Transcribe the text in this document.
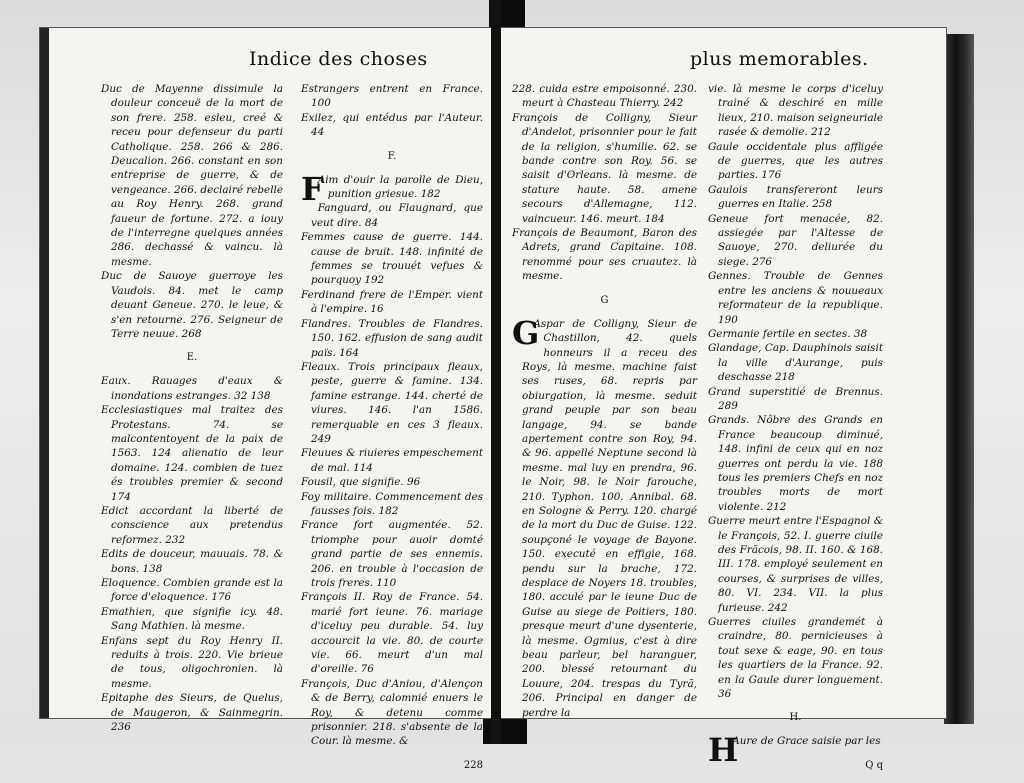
Indice des choses

Duc de Mayenne dissimule la douleur conceuë de la mort de son frere. 258. esleu, creé & receu pour defenseur du parti Catholique. 258. 266 & 286. Deucalion. 266. constant en son entreprise de guerre, & de vengeance. 266. declairé rebelle au Roy Henry. 268. grand faueur de fortune. 272. a iouy de l'interregne quelques années 286. dechassé & vaincu. là mesme.

Duc de Sauoye guerroye les Vaudois. 84. met le camp deuant Geneue. 270. le leue, & s'en retourne. 276. Seigneur de Terre neuue. 268

E.

Eaux. Rauages d'eaux & inondations estranges. 32 138

Ecclesiastiques mal traitez des Protestans. 74. se malcontentoyent de la paix de 1563. 124 alienatio de leur domaine. 124. combien de tuez és troubles premier & second 174

Edict accordant la liberté de conscience aux pretendus reformez. 232

Edits de douceur, mauuais. 78. & bons. 138

Eloquence. Combien grande est la force d'eloquence. 176

Emathien, que signifie icy. 48. Sang Mathien. là mesme.

Enfans sept du Roy Henry II. reduits à trois. 220. Vie brieue de tous, oligochronien. là mesme.

Epitaphe des Sieurs, de Quelus, de Maugeron, & Sainmegrin. 236

Estrangers entrent en France. 100

Exilez, qui entédus par l'Auteur. 44

F.

F

Aim d'ouir la parolle de Dieu, punition griesue. 182

Fanguard, ou Flaugnard, que veut dire. 84

Femmes cause de guerre. 144. cause de bruit. 148. infinité de femmes se trouuét vefues & pourquoy 192

Ferdinand frere de l'Emper. vient à l'empire. 16

Flandres. Troubles de Flandres. 150. 162. effusion de sang audit païs. 164

Fleaux. Trois principaux fleaux, peste, guerre & famine. 134. famine estrange. 144. cherté de viures. 146. l'an 1586. remerquable en ces 3 fleaux. 249

Fleuues & riuieres empeschement de mal. 114

Fousil, que signifie. 96

Foy militaire. Commencement des fausses fois. 182

France fort augmentée. 52. triomphe pour auoir domté grand partie de ses ennemis. 206. en trouble à l'occasion de trois freres. 110

François II. Roy de France. 54. marié fort ieune. 76. mariage d'iceluy peu durable. 54. luy accourcit la vie. 80. de courte vie. 66. meurt d'un mal d'oreille. 76

François, Duc d'Aniou, d'Alençon & de Berry, calomnié enuers le Roy, & detenu comme prisonnier. 218. s'absente de la Cour. là mesme. &

228

plus memorables.

228. cuida estre empoisonné. 230. meurt à Chasteau Thierry. 242

François de Colligny, Sieur d'Andelot, prisonnier pour le fait de la religion, s'humilie. 62. se bande contre son Roy. 56. se saisit d'Orleans. là mesme. de stature haute. 58. amene secours d'Allemagne, 112. vaincueur. 146. meurt. 184

François de Beaumont, Baron des Adrets, grand Capitaine. 108. renommé pour ses cruautez. là mesme.

G

G

Aspar de Colligny, Sieur de Chastillon, 42. quels honneurs il a receu des Roys, là mesme. machine faist ses ruses, 68. repris par obiurgation, là mesme. seduit grand peuple par son beau langage, 94. se bande apertement contre son Roy, 94. & 96. appellé Neptune second là mesme. mal luy en prendra, 96. le Noir, 98. le Noir farouche, 210. Typhon. 100. Annibal. 68. en Sologne & Perry. 120. chargé de la mort du Duc de Guise. 122. soupçoné le voyage de Bayone. 150. executé en effigie, 168. pendu sur la brache, 172. desplace de Noyers 18. troubles, 180. acculé par le ieune Duc de Guise au siege de Poitiers, 180. presque meurt d'une dysenterie, là mesme. Ogmius, c'est à dire beau parleur, bel haranguer, 200. blessé retournant du Louure, 204. trespas du Tyrã, 206. Principal en danger de perdre la

vie. là mesme le corps d'iceluy trainé & deschiré en mille lieux, 210. maison seigneuriale rasée & demolie. 212

Gaule occidentale plus affligée de guerres, que les autres parties. 176

Gaulois transfereront leurs guerres en Italie. 258

Geneue fort menacée, 82. assiegée par l'Altesse de Sauoye, 270. deliurée du siege. 276

Gennes. Trouble de Gennes entre les anciens & nouueaux reformateur de la republique. 190

Germanie fertile en sectes. 38

Glandage, Cap. Dauphinois saisit la ville d'Aurange, puis deschasse 218

Grand superstitié de Brennus. 289

Grands. Nôbre des Grands en France beaucoup diminué, 148. infini de ceux qui en noz guerres ont perdu la vie. 188 tous les premiers Chefs en noz troubles morts de mort violente. 212

Guerre meurt entre l'Espagnol & le François, 52. I. guerre ciuile des Frãcois, 98. II. 160. & 168. III. 178. employé seulement en courses, & surprises de villes, 80. VI. 234. VII. la plus furieuse. 242

Guerres ciuiles grandemét à craindre, 80. pernicieuses à tout sexe & eage, 90. en tous les quartiers de la France. 92. en la Gaule durer longuement. 36

H.

H

Aure de Grace saisie par les

Q q
